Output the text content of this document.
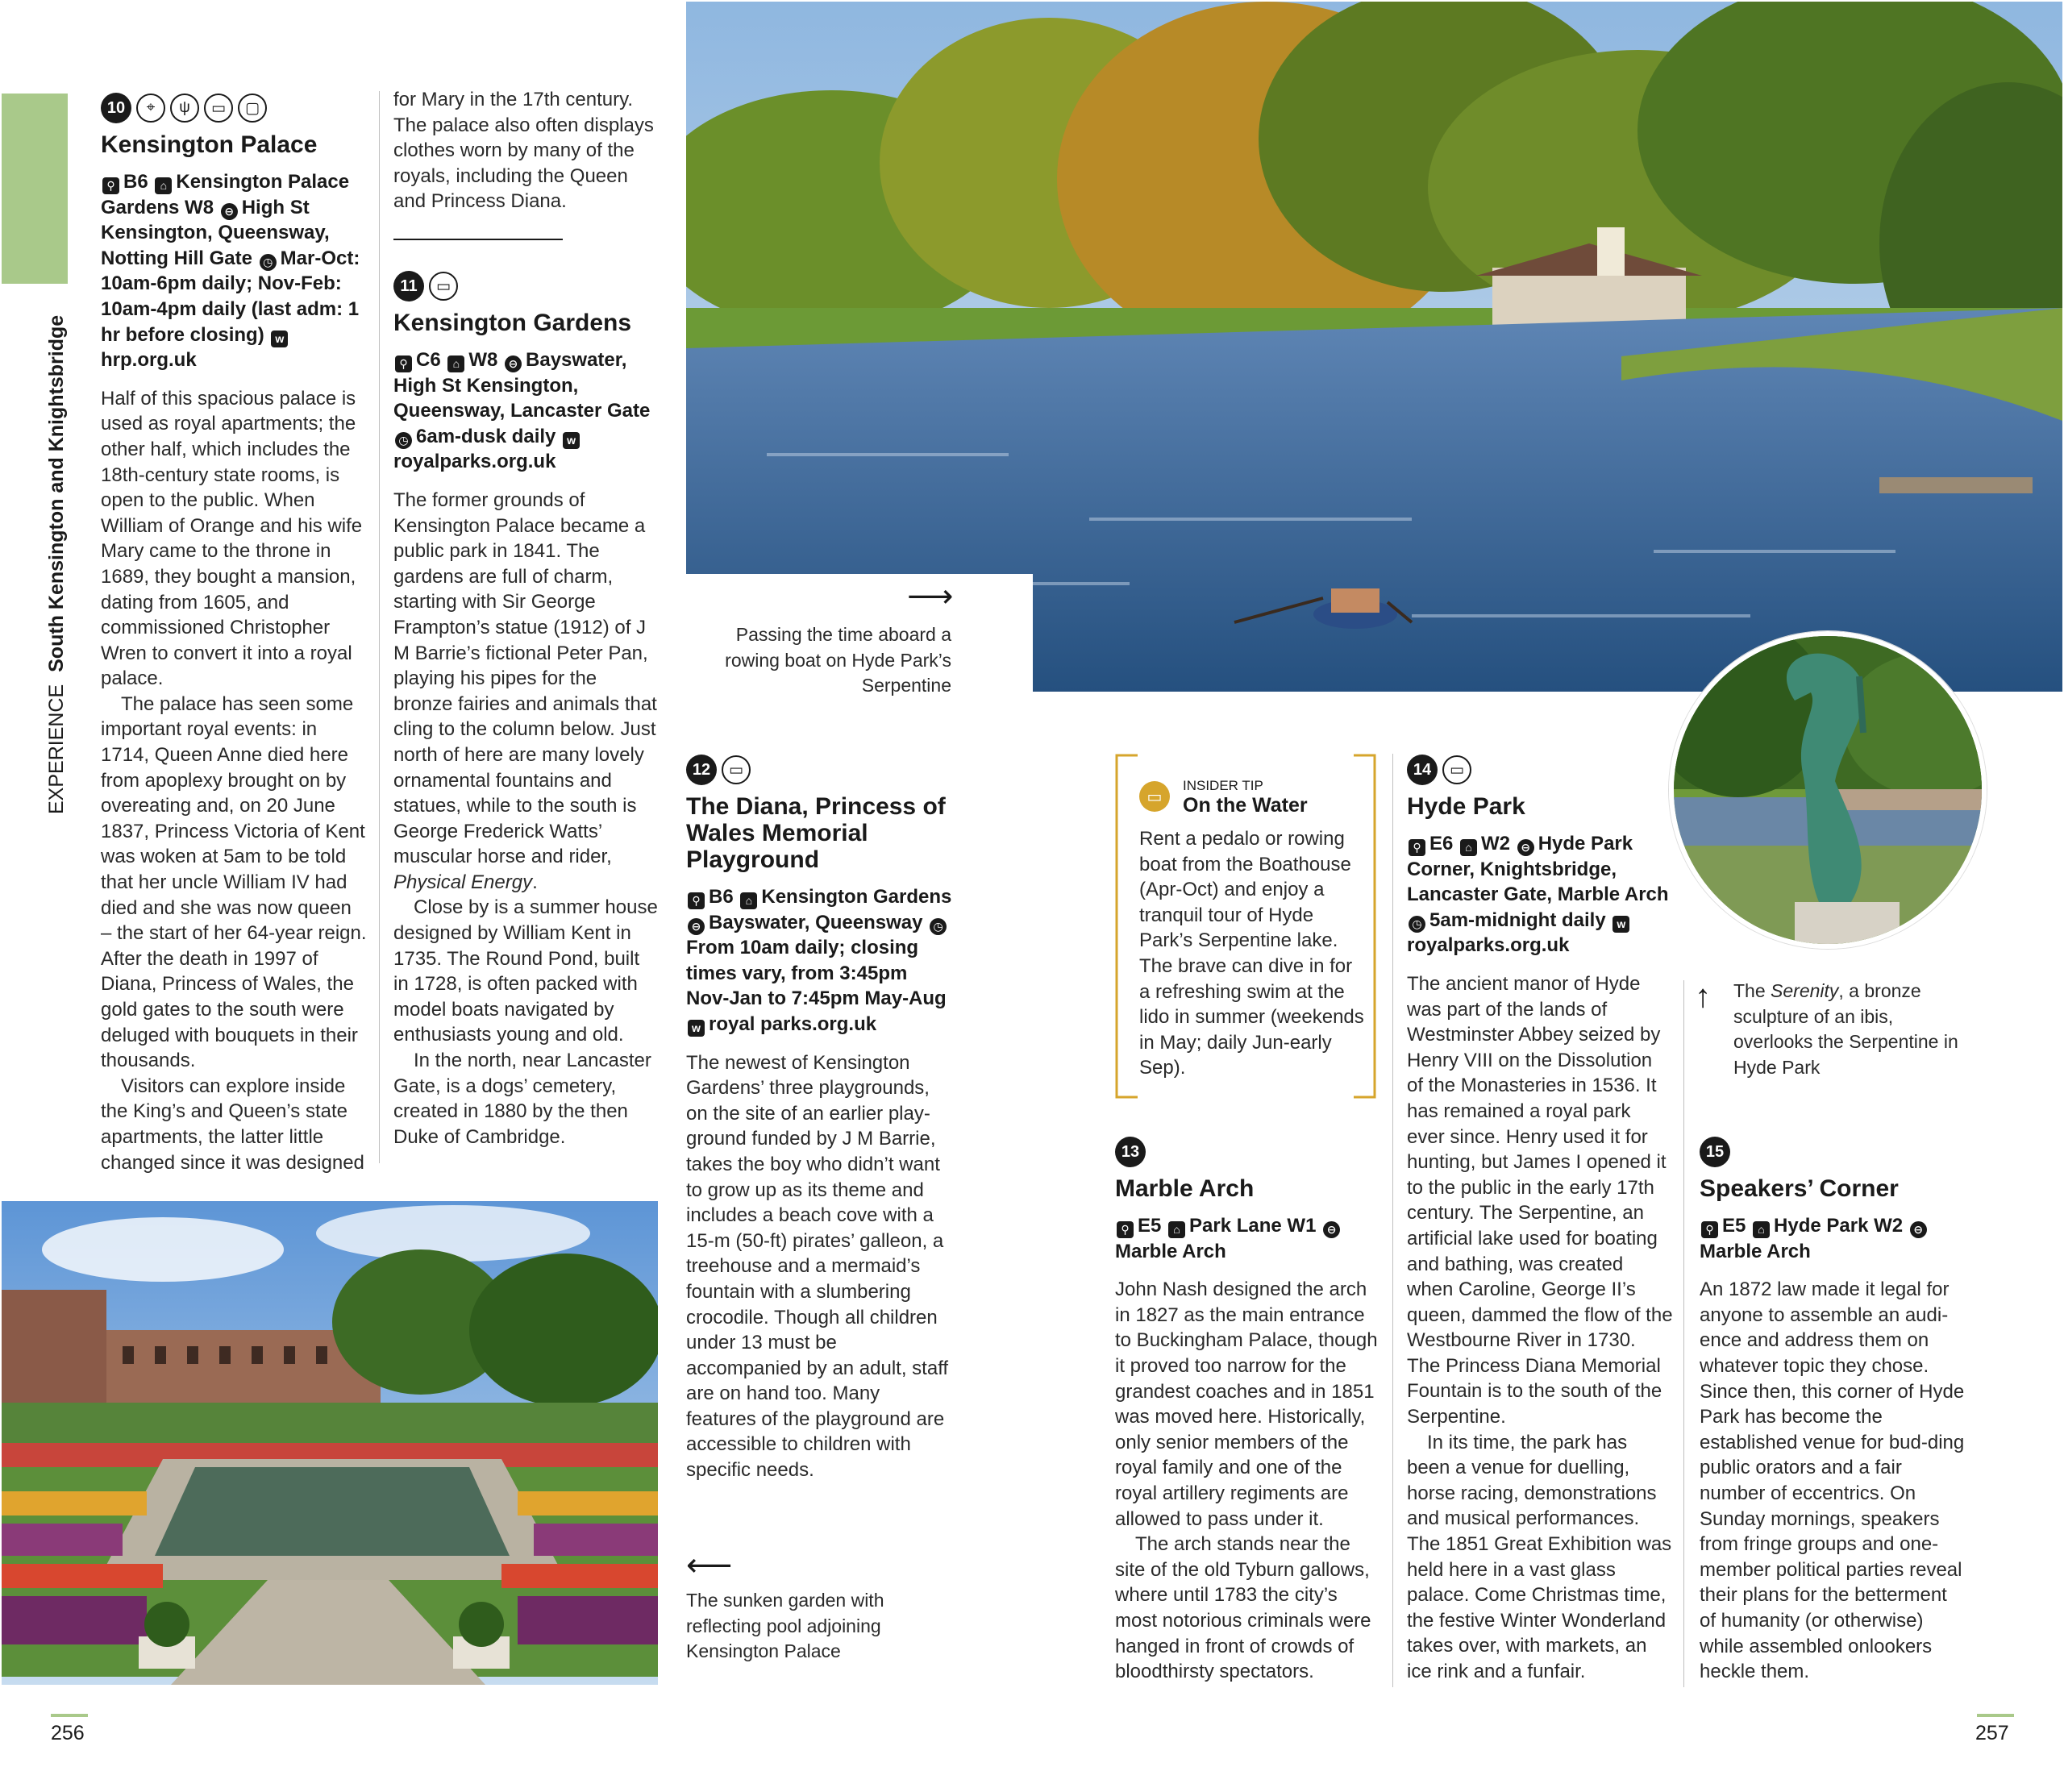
EXPERIENCE South Kensington and Knightsbridge
10	⌖	ψ	▭	▢
Kensington Palace
⚲ B6 ⌂ Kensington Palace Gardens W8 ⊖ High St Kensington, Queensway, Notting Hill Gate ◷ Mar-Oct: 10am-6pm daily; Nov-Feb: 10am-4pm daily (last adm: 1 hr before closing) whrp.org.uk

Half of this spacious palace is used as royal apartments; the other half, which includes the 18th-century state rooms, is open to the public. When William of Orange and his wife Mary came to the throne in 1689, they bought a mansion, dating from 1605, and commissioned Christopher Wren to convert it into a royal palace.

The palace has seen some important royal events: in 1714, Queen Anne died here from apoplexy brought on by overeating and, on 20 June 1837, Princess Victoria of Kent was woken at 5am to be told that her uncle William IV had died and she was now queen – the start of her 64-year reign. After the death in 1997 of Diana, Princess of Wales, the gold gates to the south were deluged with bouquets in their thousands.

Visitors can explore inside the King’s and Queen’s state apartments, the latter little changed since it was designed

for Mary in the 17th century. The palace also often displays clothes worn by many of the royals, including the Queen and Princess Diana.

11	▭
Kensington Gardens
⚲ C6 ⌂ W8 ⊖ Bayswater, High St Kensington, Queensway, Lancaster Gate ◷ 6am-dusk daily wroyalparks.org.uk

The former grounds of Kensington Palace became a public park in 1841. The gardens are full of charm, starting with Sir George Frampton’s statue (1912) of J M Barrie’s fictional Peter Pan, playing his pipes for the bronze fairies and animals that cling to the column below. Just north of here are many lovely ornamental fountains and statues, while to the south is George Frederick Watts’ muscular horse and rider, Physical Energy.

Close by is a summer house designed by William Kent in 1735. The Round Pond, built in 1728, is often packed with model boats navigated by enthusiasts young and old.

In the north, near Lancaster Gate, is a dogs’ cemetery, created in 1880 by the then Duke of Cambridge.

256
⟶
Passing the time aboard a rowing boat on Hyde Park’s Serpentine
↑ The Serenity, a bronze sculpture of an ibis, overlooks the Serpentine in Hyde Park
12	▭
The Diana, Princess of Wales Memorial Playground
⚲ B6 ⌂ Kensington Gardens ⊖ Bayswater, Queensway ◷From 10am daily; closing times vary, from 3:45pm Nov-Jan to 7:45pm May-Aug w royal parks.org.uk

The newest of Kensington Gardens’ three playgrounds, on the site of an earlier play-ground funded by J M Barrie, takes the boy who didn’t want to grow up as its theme and includes a beach cove with a 15-m (50-ft) pirates’ galleon, a treehouse and a mermaid’s fountain with a slumbering crocodile. Though all children under 13 must be accompanied by an adult, staff are on hand too. Many features of the playground are accessible to children with specific needs.

⟵
The sunken garden with reflecting pool adjoining Kensington Palace
▭
INSIDER TIP
On the Water
Rent a pedalo or rowing boat from the Boathouse (Apr-Oct) and enjoy a tranquil tour of Hyde Park’s Serpentine lake. The brave can dive in for a refreshing swim at the lido in summer (weekends in May; daily Jun-early Sep).
13
Marble Arch
⚲ E5 ⌂ Park Lane W1 ⊖Marble Arch

John Nash designed the arch in 1827 as the main entrance to Buckingham Palace, though it proved too narrow for the grandest coaches and in 1851 was moved here. Historically, only senior members of the royal family and one of the royal artillery regiments are allowed to pass under it.

The arch stands near the site of the old Tyburn gallows, where until 1783 the city’s most notorious criminals were hanged in front of crowds of bloodthirsty spectators.

14	▭
Hyde Park
⚲ E6 ⌂ W2 ⊖ Hyde Park Corner, Knightsbridge, Lancaster Gate, Marble Arch ◷ 5am-midnight daily wroyalparks.org.uk

The ancient manor of Hyde was part of the lands of Westminster Abbey seized by Henry VIII on the Dissolution of the Monasteries in 1536. It has remained a royal park ever since. Henry used it for hunting, but James I opened it to the public in the early 17th century. The Serpentine, an artificial lake used for boating and bathing, was created when Caroline, George II’s queen, dammed the flow of the Westbourne River in 1730. The Princess Diana Memorial Fountain is to the south of the Serpentine.

In its time, the park has been a venue for duelling, horse racing, demonstrations and musical performances. The 1851 Great Exhibition was held here in a vast glass palace. Come Christmas time, the festive Winter Wonderland takes over, with markets, an ice rink and a funfair.

15
Speakers’ Corner
⚲ E5 ⌂ Hyde Park W2 ⊖Marble Arch

An 1872 law made it legal for anyone to assemble an audi-ence and address them on whatever topic they chose. Since then, this corner of Hyde Park has become the established venue for bud-ding public orators and a fair number of eccentrics. On Sunday mornings, speakers from fringe groups and one-member political parties reveal their plans for the betterment of humanity (or otherwise) while assembled onlookers heckle them.

257
